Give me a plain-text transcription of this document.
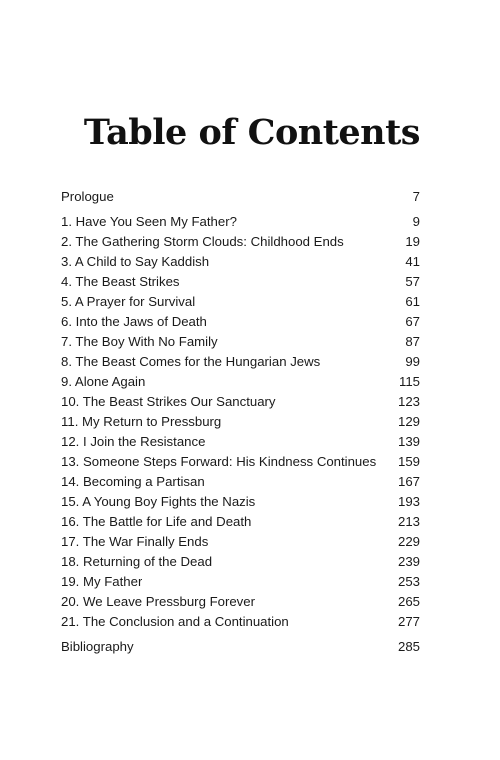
Table of Contents
Prologue	7
1. Have You Seen My Father?	9
2. The Gathering Storm Clouds: Childhood Ends	19
3. A Child to Say Kaddish	41
4. The Beast Strikes	57
5. A Prayer for Survival	61
6. Into the Jaws of Death	67
7. The Boy With No Family	87
8. The Beast Comes for the Hungarian Jews	99
9. Alone Again	115
10. The Beast Strikes Our Sanctuary	123
11. My Return to Pressburg	129
12. I Join the Resistance	139
13. Someone Steps Forward: His Kindness Continues	159
14. Becoming a Partisan	167
15. A Young Boy Fights the Nazis	193
16. The Battle for Life and Death	213
17. The War Finally Ends	229
18. Returning of the Dead	239
19. My Father	253
20. We Leave Pressburg Forever	265
21. The Conclusion and a Continuation	277
Bibliography	285
